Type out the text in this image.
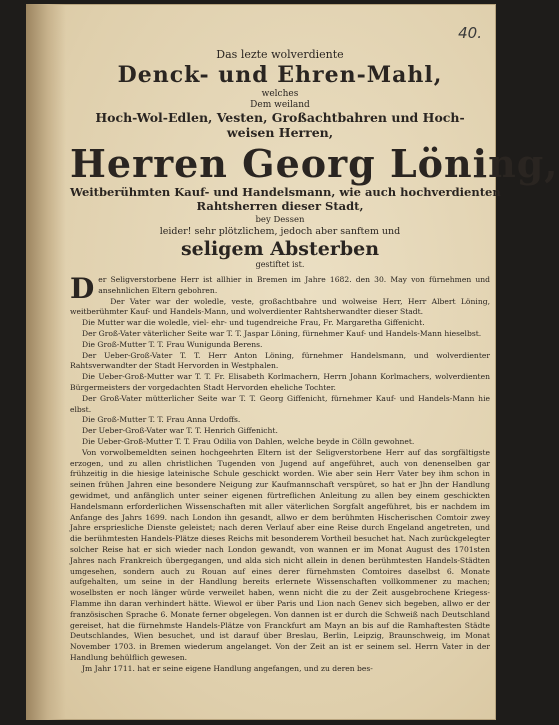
40.
Das lezte wolverdiente
Denck- und Ehren-Mahl,
welches
Dem weiland
Hoch-Wol-Edlen, Vesten, Großachtbahren und Hoch-
weisen Herren,
Herren Georg Löning,
Weitberühmten Kauf- und Handelsmann, wie auch hochverdienten
Rahtsherren dieser Stadt,
bey Dessen
leider! sehr plötzlichem, jedoch aber sanftem und
seligem Absterben
gestiftet ist.

Der Seligverstorbene Herr ist allhier in Bremen im Jahre 1682. den 30. May von fürnehmen und ansehnlichen Eltern gebohren.

Der Vater war der woledle, veste, großachtbahre und wolweise Herr, Herr Albert Löning, weitberühmter Kauf- und Handels-Mann, und wolverdienter Rahtsherwandter dieser Stadt.

Die Mutter war die woledle, viel- ehr- und tugendreiche Frau, Fr. Margaretha Giffenicht.

Der Groß-Vater väterlicher Seite war T. T. Jaspar Löning, fürnehmer Kauf- und Handels-Mann hieselbst.

Die Groß-Mutter T. T. Frau Wunigunda Berens.

Der Ueber-Groß-Vater T. T. Herr Anton Löning, fürnehmer Handelsmann, und wolverdienter Rahtsverwandter der Stadt Hervorden in Westphalen.

Die Ueber-Groß-Mutter war T. T. Fr. Elisabeth Korlmachern, Herrn Johann Korlmachers, wolverdienten Bürgermeisters der vorgedachten Stadt Hervorden eheliche Tochter.

Der Groß-Vater mütterlicher Seite war T. T. Georg Giffenicht, fürnehmer Kauf- und Handels-Mann hie elbst.

Die Groß-Mutter T. T. Frau Anna Urdoffs.

Der Ueber-Groß-Vater war T. T. Henrich Giffenicht.

Die Ueber-Groß-Mutter T. T. Frau Odilia von Dahlen, welche beyde in Cölln gewohnet.

Von vorwolbemeldten seinen hochgeehrten Eltern ist der Seligverstorbene Herr auf das sorgfältigste erzogen, und zu allen christlichen Tugenden von Jugend auf angeführet, auch von denenselben gar frühzeitig in die hiesige lateinische Schule geschickt worden. Wie aber sein Herr Vater bey ihm schon in seinen frühen Jahren eine besondere Neigung zur Kaufmannschaft verspüret, so hat er Jhn der Handlung gewidmet, und anfänglich unter seiner eigenen fürtreflichen Anleitung zu allen bey einem geschickten Handelsmann erforderlichen Wissenschaften mit aller väterlichen Sorgfalt angeführet, bis er nachdem im Anfange des Jahrs 1699. nach London ihn gesandt, allwo er dem berühmten Hischerischen Comtoir zwey Jahre erspriesliche Dienste geleistet; nach deren Verlauf aber eine Reise durch Engeland angetreten, und die berühmtesten Handels-Plätze dieses Reichs mit besonderem Vortheil besuchet hat. Nach zurückgelegter solcher Reise hat er sich wieder nach London gewandt, von wannen er im Monat August des 1701sten Jahres nach Frankreich übergegangen, und alda sich nicht allein in denen berühmtesten Handels-Städten umgesehen, sondern auch zu Rouan auf eines derer fürnehmsten Comtoires daselbst 6. Monate aufgehalten, um seine in der Handlung bereits erlernete Wissenschaften vollkommener zu machen; woselbsten er noch länger würde verweilet haben, wenn nicht die zu der Zeit ausgebrochene Kriegess-Flamme ihn daran verhindert hätte. Wiewol er über Paris und Lion nach Genev sich begeben, allwo er der französischen Sprache 6. Monate ferner obgelegen. Von dannen ist er durch die Schweiß nach Deutschland gereiset, hat die fürnehmste Handels-Plätze von Franckfurt am Mayn an bis auf die Ramhaftesten Städte Deutschlandes, Wien besuchet, und ist darauf über Breslau, Berlin, Leipzig, Braunschweig, im Monat November 1703. in Bremen wiederum angelanget. Von der Zeit an ist er seinem sel. Herrn Vater in der Handlung behülflich gewesen.

Jm Jahr 1711. hat er seine eigene Handlung angefangen, und zu deren bes-
